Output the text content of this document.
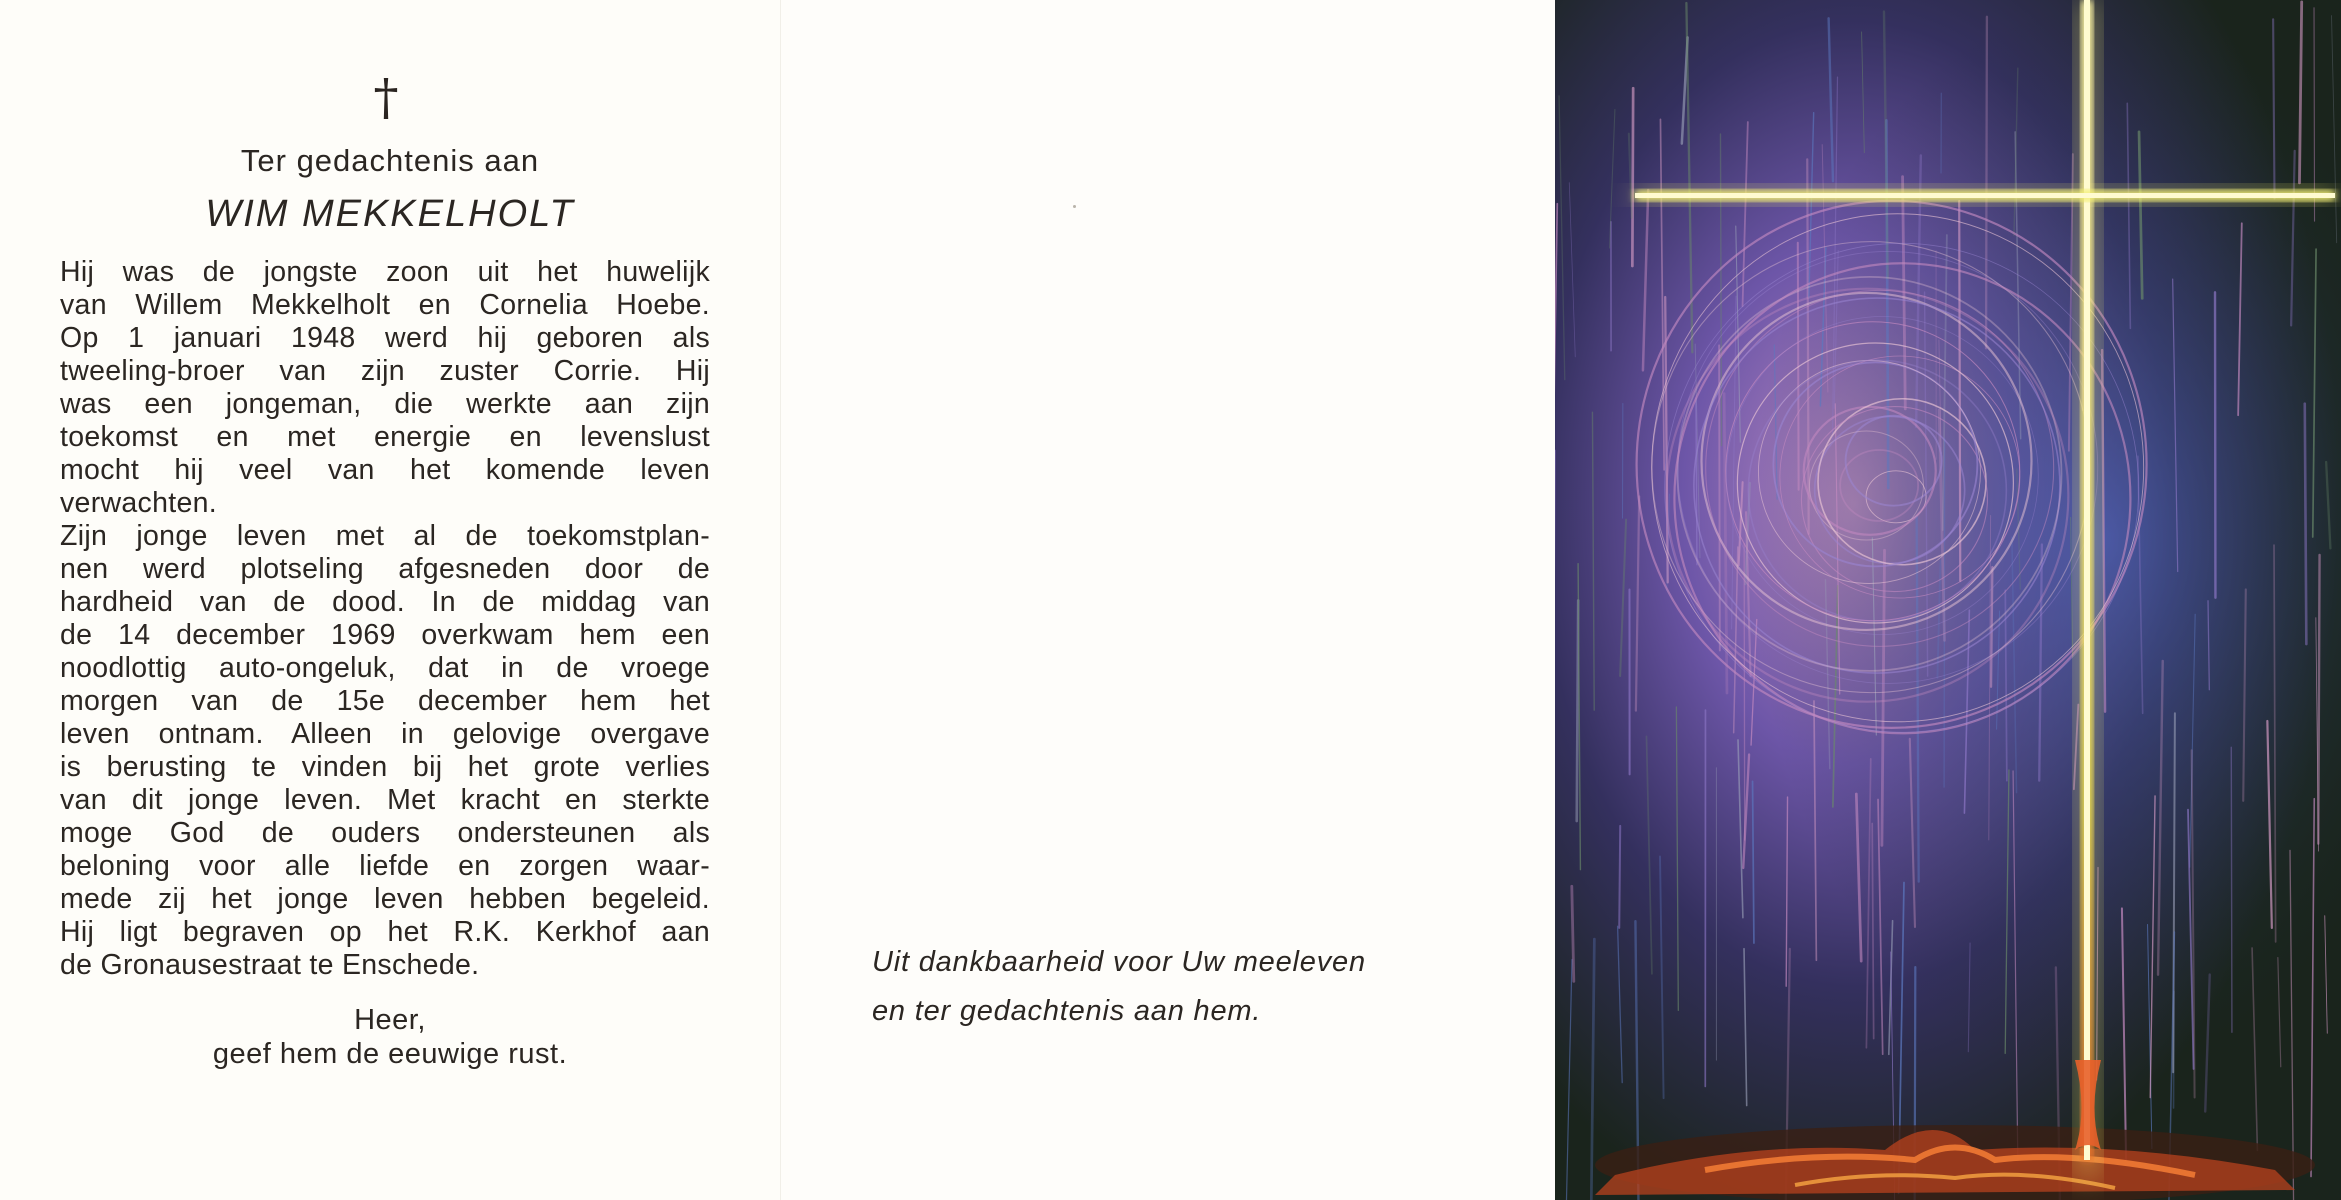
†
Ter gedachtenis aan
WIM MEKKELHOLT
Hij was de jongste zoon uit het huwelijk
van Willem Mekkelholt en Cornelia Hoebe.
Op 1 januari 1948 werd hij geboren als
tweeling-broer van zijn zuster Corrie. Hij
was een jongeman, die werkte aan zijn
toekomst en met energie en levenslust
mocht hij veel van het komende leven
verwachten.
Zijn jonge leven met al de toekomstplan-
nen werd plotseling afgesneden door de
hardheid van de dood. In de middag van
de 14 december 1969 overkwam hem een
noodlottig auto-ongeluk, dat in de vroege
morgen van de 15e december hem het
leven ontnam. Alleen in gelovige overgave
is berusting te vinden bij het grote verlies
van dit jonge leven. Met kracht en sterkte
moge God de ouders ondersteunen als
beloning voor alle liefde en zorgen waar-
mede zij het jonge leven hebben begeleid.
Hij ligt begraven op het R.K. Kerkhof aan
de Gronausestraat te Enschede.
Heer,
geef hem de eeuwige rust.
Uit dankbaarheid voor Uw meeleven
en ter gedachtenis aan hem.
